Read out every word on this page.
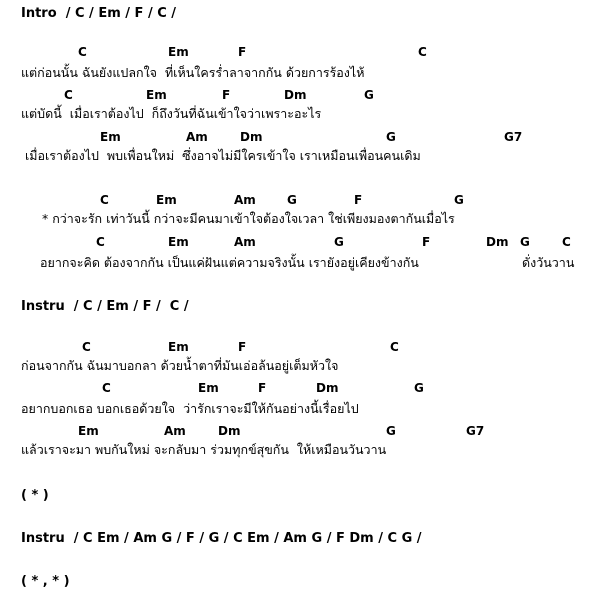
Intro  / C / Em / F / C /
C	Em	F	C
แต่ก่อนนั้น ฉันยังแปลกใจ  ที่เห็นใครร่ำลาจากกัน ด้วยการร้องไห้
C	Em	F	Dm	G
แต่บัดนี้  เมื่อเราต้องไป  ก็ถึงวันที่ฉันเข้าใจว่าเพราะอะไร
Em	Am	Dm	G	G7
เมื่อเราต้องไป  พบเพื่อนใหม่  ซึ่งอาจไม่มีใครเข้าใจ เราเหมือนเพื่อนคนเดิม
C	Em	Am	G	F	G
* กว่าจะรัก เท่าวันนี้ กว่าจะมีคนมาเข้าใจต้องใจเวลา ใช่เพียงมองตากันเมื่อไร
C	Em	Am	G	F	Dm G	C
อยากจะคิด ต้องจากกัน เป็นแค่ฝันแต่ความจริงนั้น เรายังอยู่เคียงข้างกัน	ดั่งวันวาน
Instru  / C / Em / F /  C /
C	Em	F	C
ก่อนจากกัน ฉันมาบอกลา ด้วยน้ำตาที่มันเอ่อล้นอยู่เต็มหัวใจ
C	Em	F	Dm	G
อยากบอกเธอ บอกเธอด้วยใจ  ว่ารักเราจะมีให้กันอย่างนี้เรื่อยไป
Em	Am	Dm	G	G7
แล้วเราจะมา พบกันใหม่ จะกลับมา ร่วมทุกข์สุขกัน  ให้เหมือนวันวาน
( * )
Instru  / C Em / Am G / F / G / C Em / Am G / F Dm / C G /
( * , * )
